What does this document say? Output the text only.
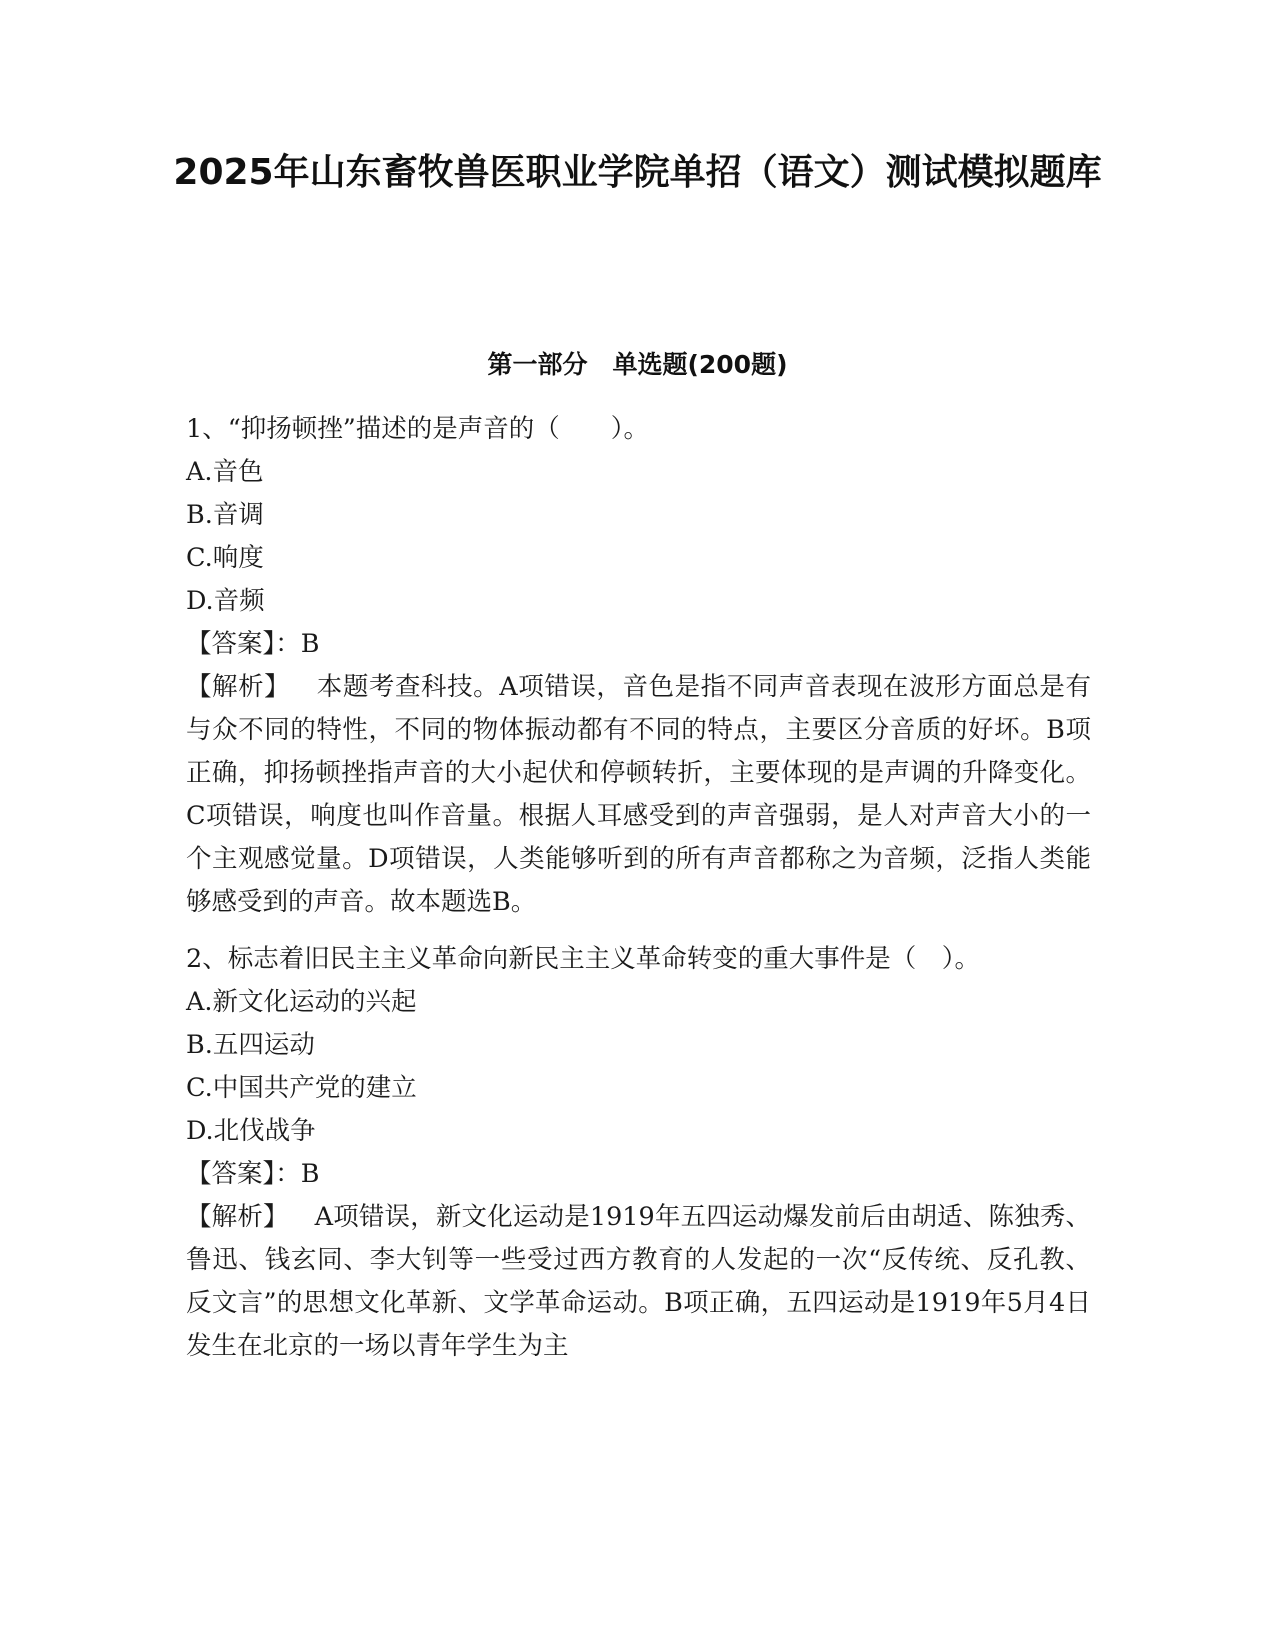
2025年山东畜牧兽医职业学院单招（语文）测试模拟题库
第一部分　单选题(200题)
1、“抑扬顿挫”描述的是声音的（　　）。
A.音色
B.音调
C.响度
D.音频
【答案】：B
【解析】 本题考查科技。A项错误，音色是指不同声音表现在波形方面总是有与众不同的特性，不同的物体振动都有不同的特点，主要区分音质的好坏。B项正确，抑扬顿挫指声音的大小起伏和停顿转折，主要体现的是声调的升降变化。C项错误，响度也叫作音量。根据人耳感受到的声音强弱，是人对声音大小的一个主观感觉量。D项错误，人类能够听到的所有声音都称之为音频，泛指人类能够感受到的声音。故本题选B。
2、标志着旧民主主义革命向新民主主义革命转变的重大事件是（　）。
A.新文化运动的兴起
B.五四运动
C.中国共产党的建立
D.北伐战争
【答案】：B
【解析】 A项错误，新文化运动是1919年五四运动爆发前后由胡适、陈独秀、鲁迅、钱玄同、李大钊等一些受过西方教育的人发起的一次“反传统、反孔教、反文言”的思想文化革新、文学革命运动。B项正确，五四运动是1919年5月4日发生在北京的一场以青年学生为主
